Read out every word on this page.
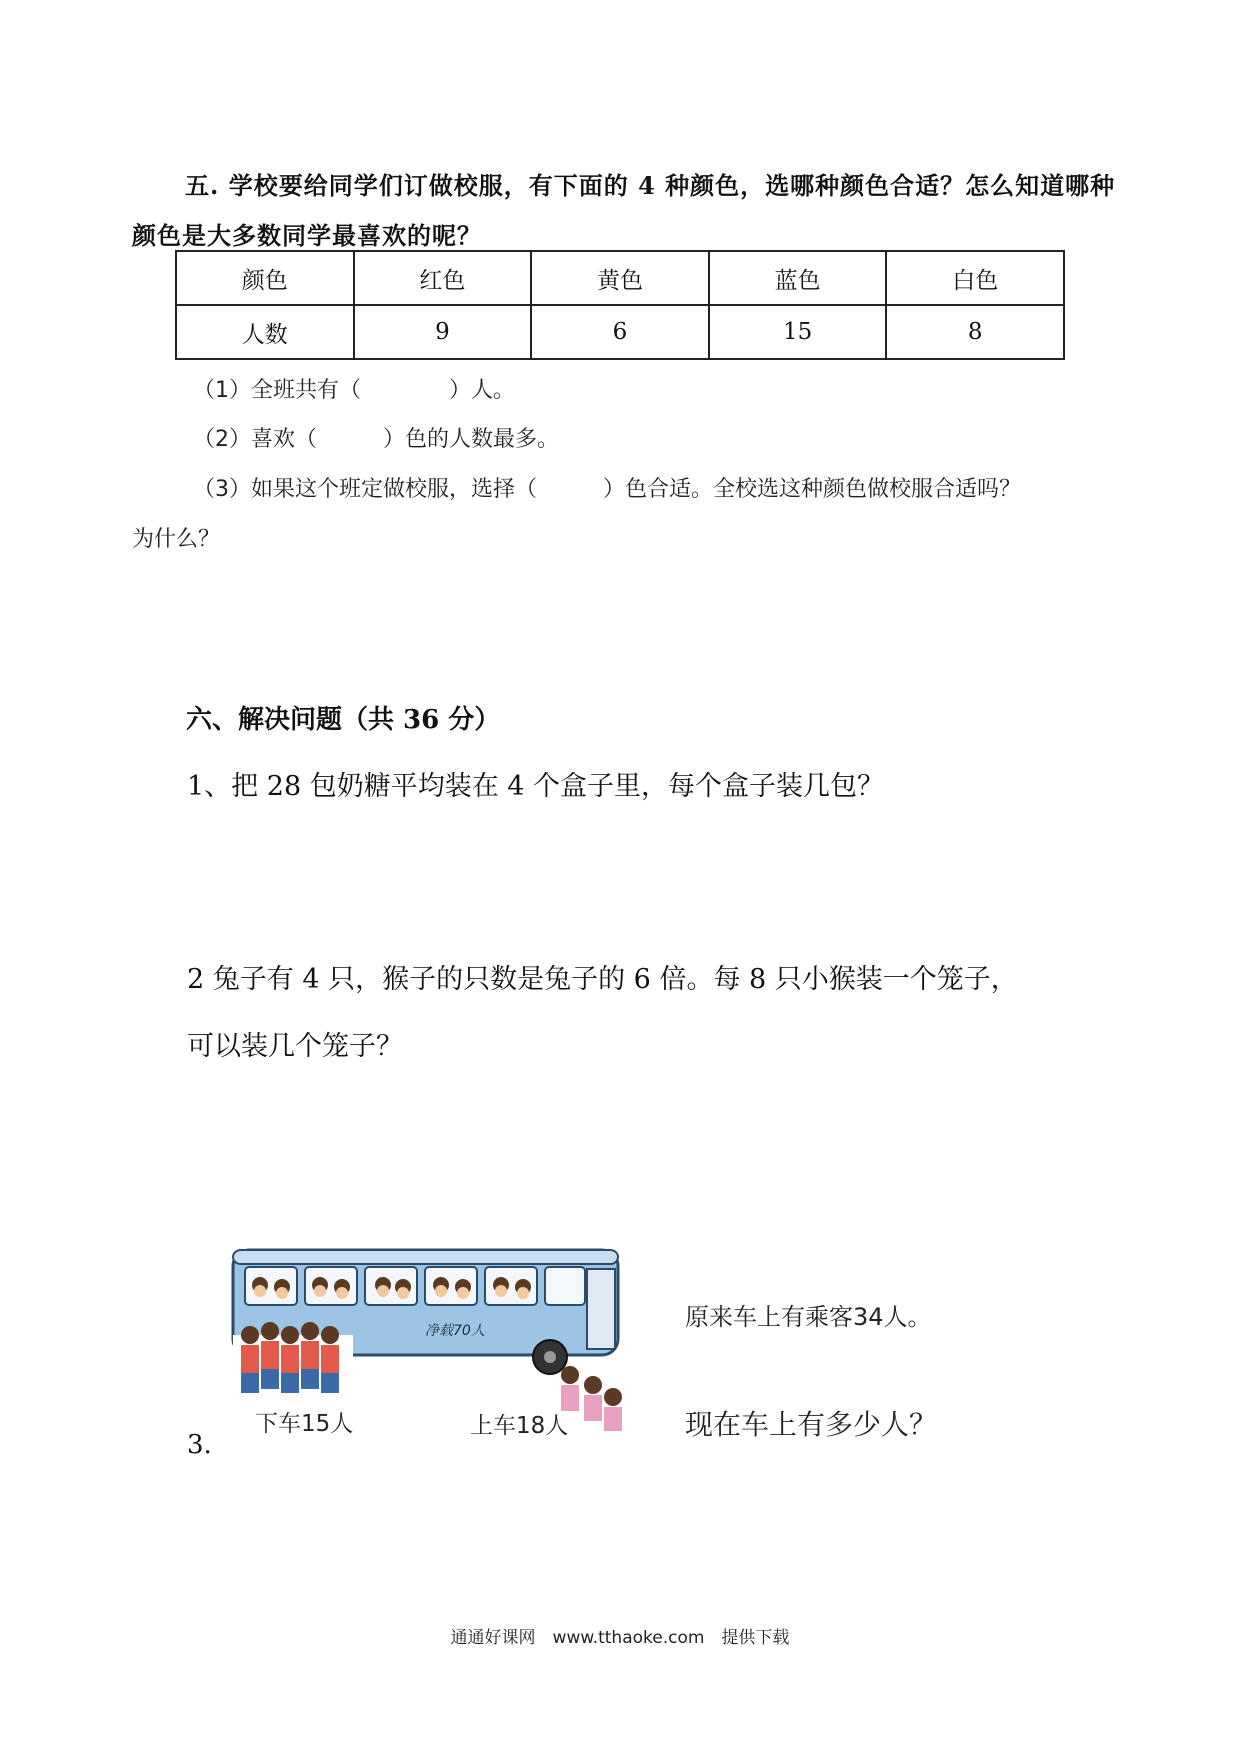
五. 学校要给同学们订做校服，有下面的 4 种颜色，选哪种颜色合适？怎么知道哪种
颜色是大多数同学最喜欢的呢？
颜色	红色	黄色	蓝色	白色
人数	9	6	15	8
（1）全班共有（　　　　）人。
（2）喜欢（　　　）色的人数最多。
（3）如果这个班定做校服，选择（　　　）色合适。全校选这种颜色做校服合适吗？
为什么？
六、解决问题（共 36 分）
1、把 28 包奶糖平均装在 4 个盒子里，每个盒子装几包？
2 兔子有 4 只，猴子的只数是兔子的 6 倍。每 8 只小猴装一个笼子，
可以装几个笼子？
3.
净载70人
下车15人	上车18人
原来车上有乘客34人。
现在车上有多少人？
通通好课网　www.tthaoke.com　提供下载
